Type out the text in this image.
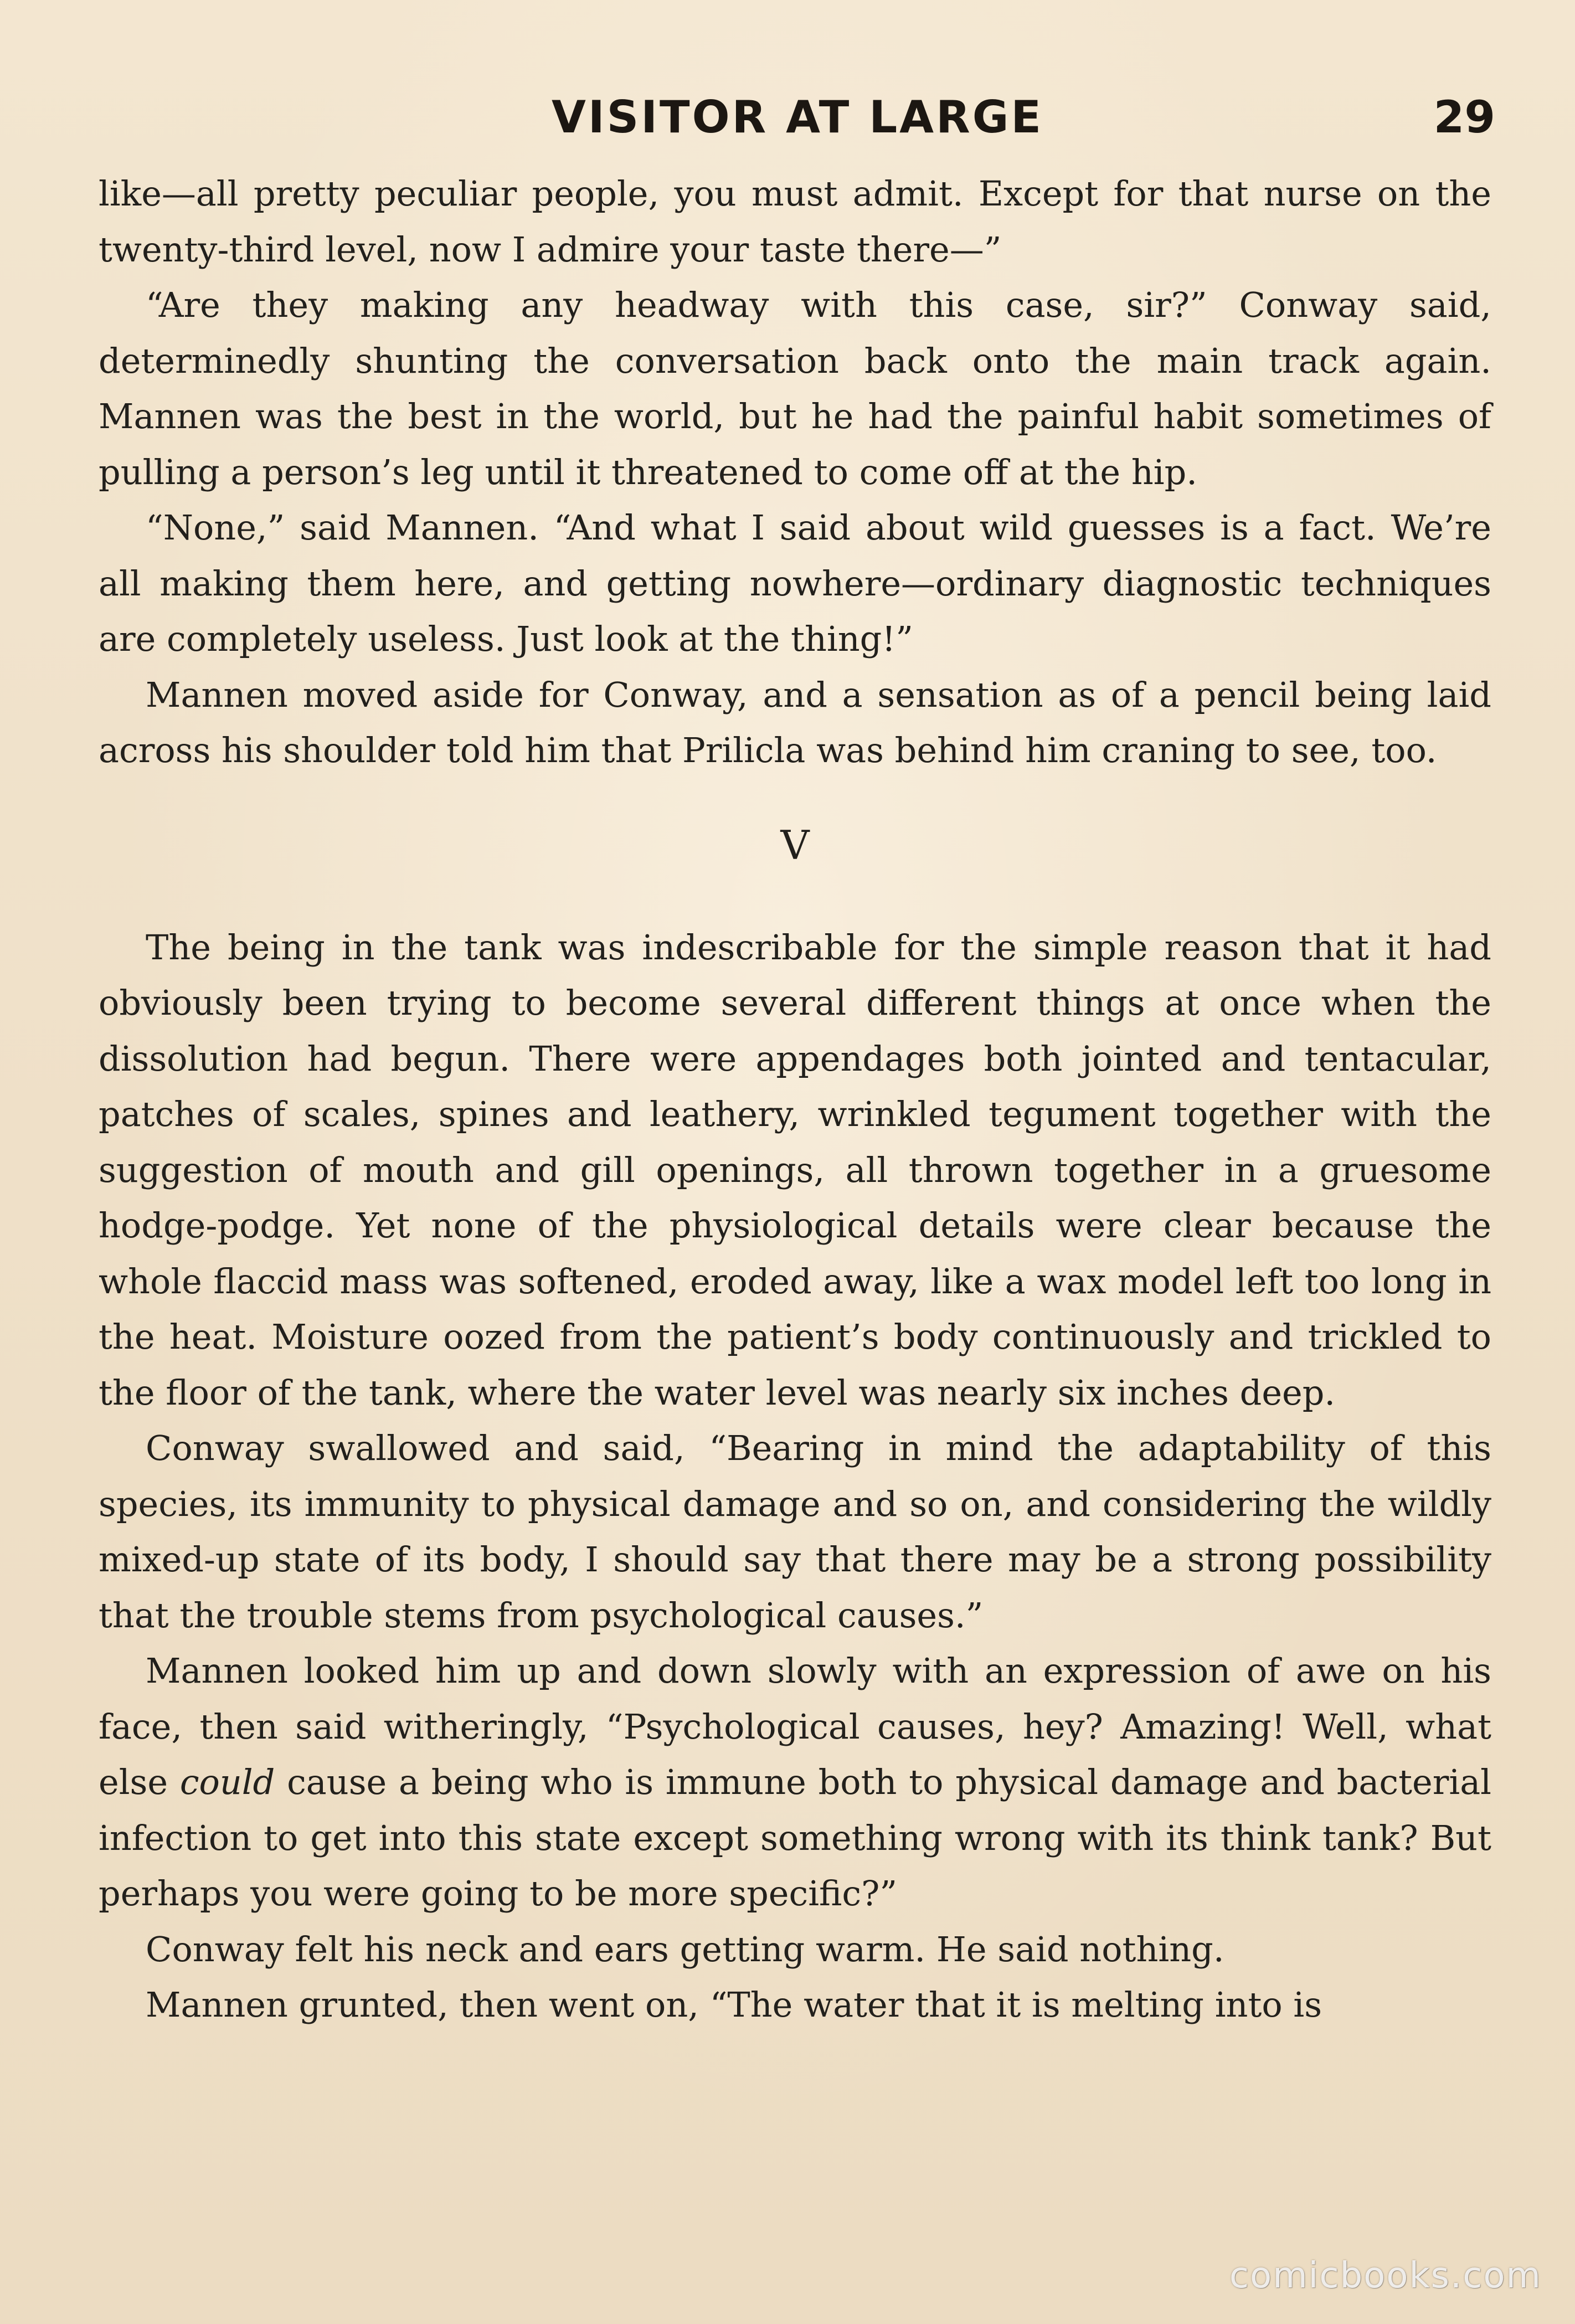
VISITOR AT LARGE	29

like—all pretty peculiar people, you must admit. Except for that nurse on the twenty-third level, now I admire your taste there—”

“Are they making any headway with this case, sir?” Conway said, determinedly shunting the conversation back onto the main track again. Mannen was the best in the world, but he had the painful habit sometimes of pulling a person’s leg until it threatened to come off at the hip.

“None,” said Mannen. “And what I said about wild guesses is a fact. We’re all making them here, and getting nowhere—ordinary diagnostic techniques are completely useless. Just look at the thing!”

Mannen moved aside for Conway, and a sensation as of a pencil being laid across his shoulder told him that Prilicla was behind him craning to see, too.

V

The being in the tank was indescribable for the simple reason that it had obviously been trying to become several different things at once when the dissolution had begun. There were appendages both jointed and tentacular, patches of scales, spines and leathery, wrinkled tegument together with the suggestion of mouth and gill openings, all thrown together in a gruesome hodge-podge. Yet none of the physiological details were clear because the whole flaccid mass was softened, eroded away, like a wax model left too long in the heat. Moisture oozed from the patient’s body continuously and trickled to the floor of the tank, where the water level was nearly six inches deep.

Conway swallowed and said, “Bearing in mind the adaptability of this species, its immunity to physical damage and so on, and considering the wildly mixed-up state of its body, I should say that there may be a strong possibility that the trouble stems from psychological causes.”

Mannen looked him up and down slowly with an expression of awe on his face, then said witheringly, “Psychological causes, hey? Amazing! Well, what else could cause a being who is immune both to physical damage and bacterial infection to get into this state except something wrong with its think tank? But perhaps you were going to be more specific?”

Conway felt his neck and ears getting warm. He said nothing.

Mannen grunted, then went on, “The water that it is melting into is

comicbooks.com
